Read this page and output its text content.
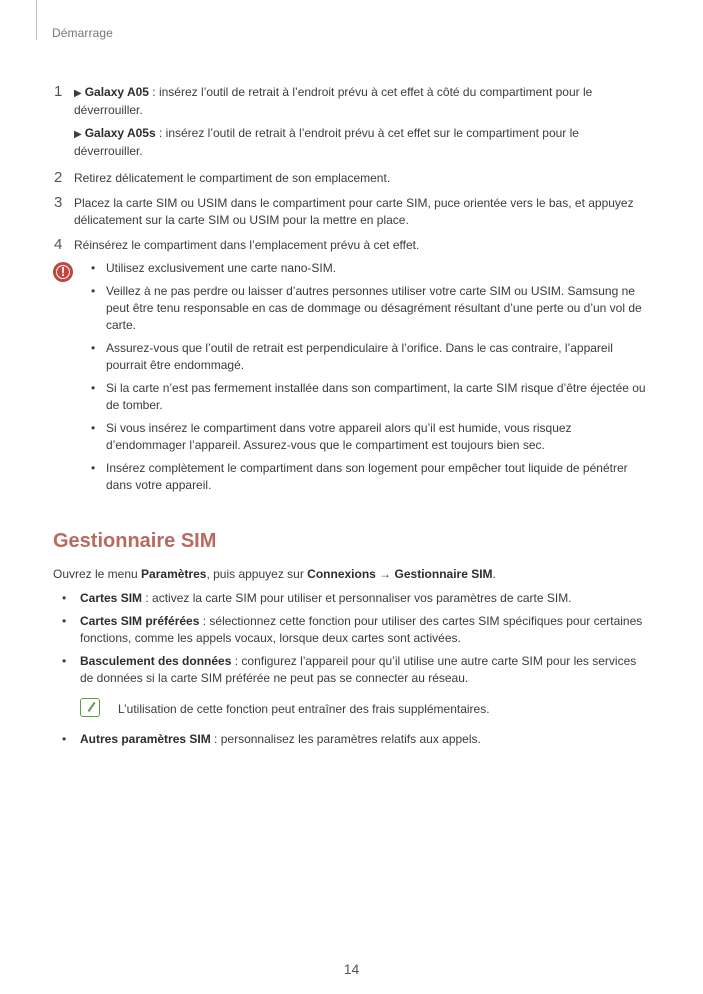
Démarrage
1	▶ Galaxy A05 : insérez l’outil de retrait à l’endroit prévu à cet effet à côté du compartiment pour le déverrouiller.
▶ Galaxy A05s : insérez l’outil de retrait à l’endroit prévu à cet effet sur le compartiment pour le déverrouiller.
2 Retirez délicatement le compartiment de son emplacement.
3 Placez la carte SIM ou USIM dans le compartiment pour carte SIM, puce orientée vers le bas, et appuyez délicatement sur la carte SIM ou USIM pour la mettre en place.
4 Réinsérez le compartiment dans l’emplacement prévu à cet effet.
!
•	Utilisez exclusivement une carte nano-SIM.
• Veillez à ne pas perdre ou laisser d’autres personnes utiliser votre carte SIM ou USIM. Samsung ne peut être tenu responsable en cas de dommage ou désagrément résultant d’une perte ou d’un vol de carte.
• Assurez-vous que l’outil de retrait est perpendiculaire à l’orifice. Dans le cas contraire, l’appareil pourrait être endommagé.
• Si la carte n’est pas fermement installée dans son compartiment, la carte SIM risque d’être éjectée ou de tomber.
• Si vous insérez le compartiment dans votre appareil alors qu’il est humide, vous risquez d’endommager l’appareil. Assurez-vous que le compartiment est toujours bien sec.
• Insérez complètement le compartiment dans son logement pour empêcher tout liquide de pénétrer dans votre appareil.
Gestionnaire SIM

Ouvrez le menu Paramètres, puis appuyez sur Connexions → Gestionnaire SIM.

• Cartes SIM : activez la carte SIM pour utiliser et personnaliser vos paramètres de carte SIM.
• Cartes SIM préférées : sélectionnez cette fonction pour utiliser des cartes SIM spécifiques pour certaines fonctions, comme les appels vocaux, lorsque deux cartes sont activées.
• Basculement des données : configurez l’appareil pour qu’il utilise une autre carte SIM pour les services de données si la carte SIM préférée ne peut pas se connecter au réseau.
L’utilisation de cette fonction peut entraîner des frais supplémentaires.
• Autres paramètres SIM : personnalisez les paramètres relatifs aux appels.
14
